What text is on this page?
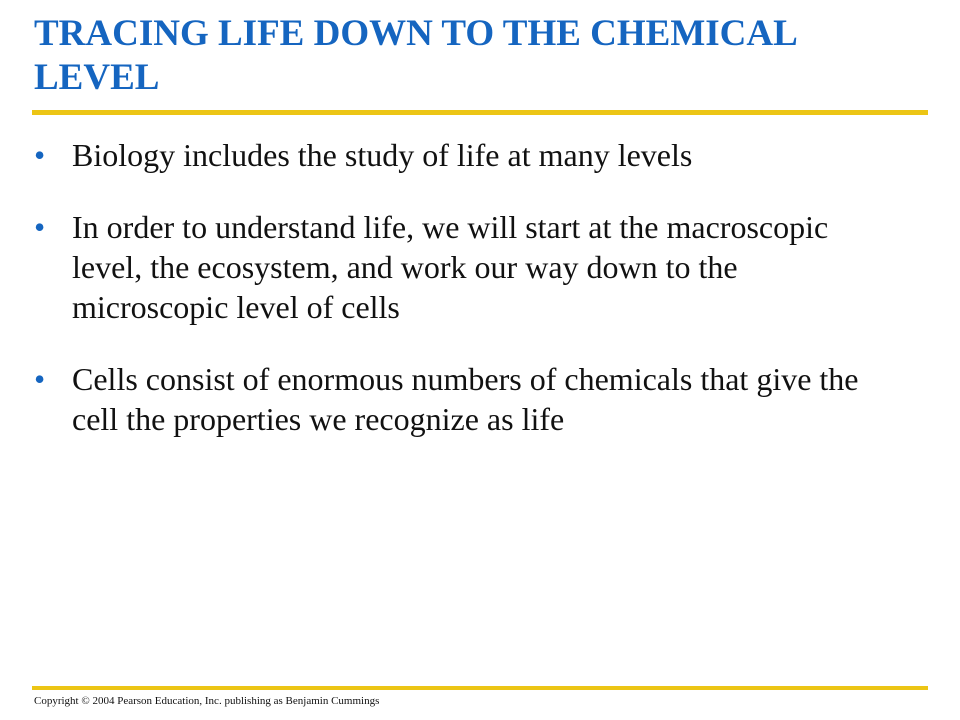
TRACING LIFE DOWN TO THE CHEMICAL LEVEL
• Biology includes the study of life at many levels
• In order to understand life, we will start at the macroscopic level, the ecosystem, and work our way down to the microscopic level of cells
• Cells consist of enormous numbers of chemicals that give the cell the properties we recognize as life
Copyright © 2004 Pearson Education, Inc. publishing as Benjamin Cummings
